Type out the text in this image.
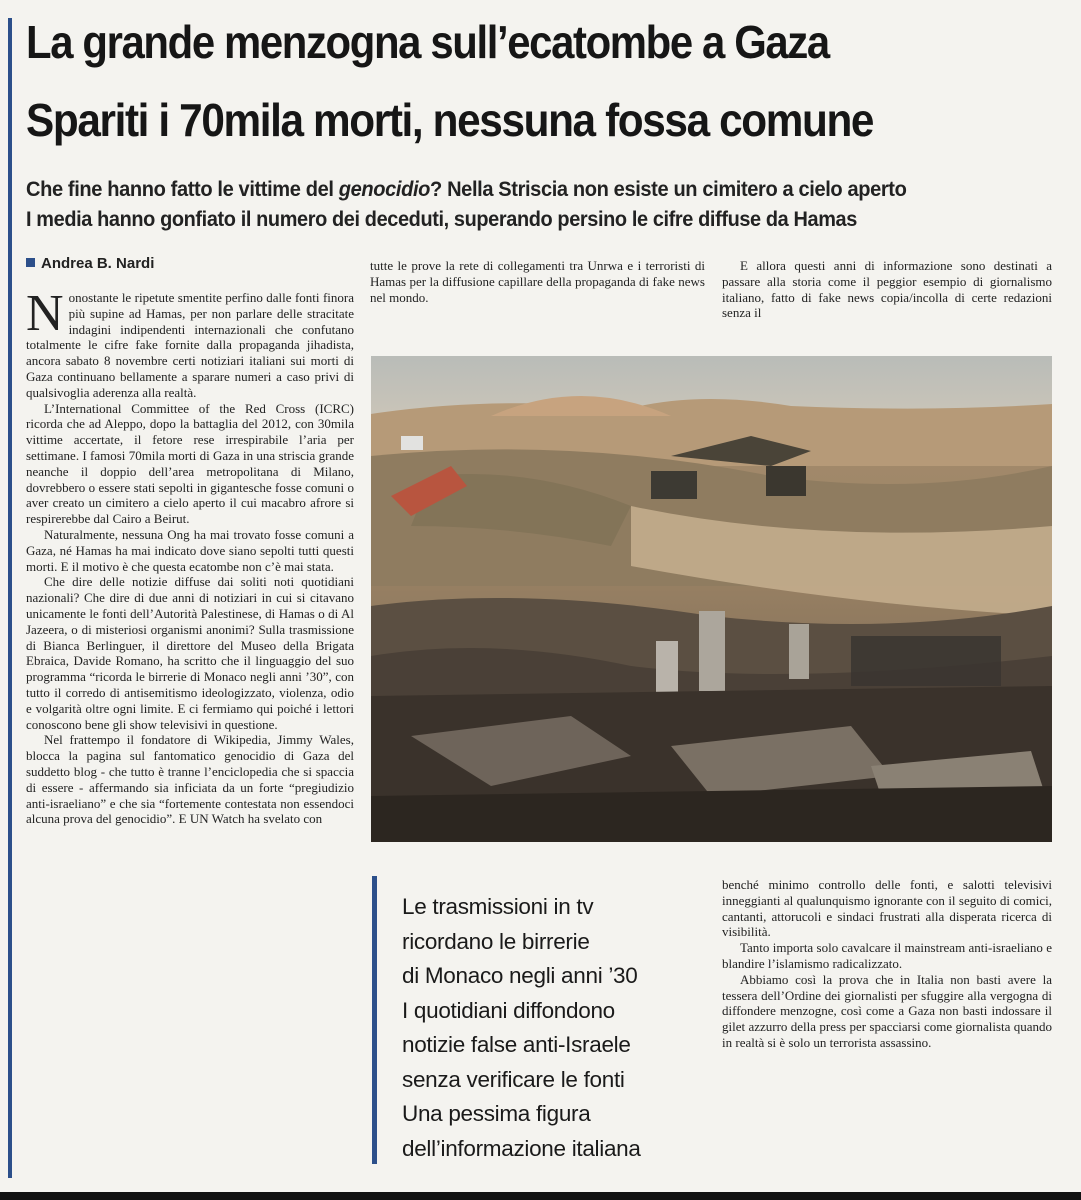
La grande menzogna sull’ecatombe a Gaza
Spariti i 70mila morti, nessuna fossa comune
Che fine hanno fatto le vittime del genocidio? Nella Striscia non esiste un cimitero a cielo aperto
I media hanno gonfiato il numero dei deceduti, superando persino le cifre diffuse da Hamas
Andrea B. Nardi

Nonostante le ripetute smentite perfino dalle fonti finora più supine ad Hamas, per non parlare delle stracitate indagini indipendenti internazionali che confutano totalmente le cifre fake fornite dalla propaganda jihadista, ancora sabato 8 novembre certi notiziari italiani sui morti di Gaza continuano bellamente a sparare numeri a caso privi di qualsivoglia aderenza alla realtà.

L’International Committee of the Red Cross (ICRC) ricorda che ad Aleppo, dopo la battaglia del 2012, con 30mila vittime accertate, il fetore rese irrespirabile l’aria per settimane. I famosi 70mila morti di Gaza in una striscia grande neanche il doppio dell’area metropolitana di Milano, dovrebbero o essere stati sepolti in gigantesche fosse comuni o aver creato un cimitero a cielo aperto il cui macabro afrore si respirerebbe dal Cairo a Beirut.

Naturalmente, nessuna Ong ha mai trovato fosse comuni a Gaza, né Hamas ha mai indicato dove siano sepolti tutti questi morti. E il motivo è che questa ecatombe non c’è mai stata.

Che dire delle notizie diffuse dai soliti noti quotidiani nazionali? Che dire di due anni di notiziari in cui si citavano unicamente le fonti dell’Autorità Palestinese, di Hamas o di Al Jazeera, o di misteriosi organismi anonimi? Sulla trasmissione di Bianca Berlinguer, il direttore del Museo della Brigata Ebraica, Davide Romano, ha scritto che il linguaggio del suo programma “ricorda le birrerie di Monaco negli anni ’30”, con tutto il corredo di antisemitismo ideologizzato, violenza, odio e volgarità oltre ogni limite. E ci fermiamo qui poiché i lettori conoscono bene gli show televisivi in questione.

Nel frattempo il fondatore di Wikipedia, Jimmy Wales, blocca la pagina sul fantomatico genocidio di Gaza del suddetto blog - che tutto è tranne l’enciclopedia che si spaccia di essere - affermando sia inficiata da un forte “pregiudizio anti-israeliano” e che sia “fortemente contestata non essendoci alcuna prova del genocidio”. E UN Watch ha svelato con

tutte le prove la rete di collegamenti tra Unrwa e i terroristi di Hamas per la diffusione capillare della propaganda di fake news nel mondo.

E allora questi anni di informazione sono destinati a passare alla storia come il peggior esempio di giornalismo italiano, fatto di fake news copia/incolla di certe redazioni senza il

Le trasmissioni in tv
ricordano le birrerie
di Monaco negli anni ’30
I quotidiani diffondono
notizie false anti-Israele
senza verificare le fonti
Una pessima figura
dell’informazione italiana

benché minimo controllo delle fonti, e salotti televisivi inneggianti al qualunquismo ignorante con il seguito di comici, cantanti, attorucoli e sindaci frustrati alla disperata ricerca di visibilità.

Tanto importa solo cavalcare il mainstream anti-israeliano e blandire l’islamismo radicalizzato.

Abbiamo così la prova che in Italia non basti avere la tessera dell’Ordine dei giornalisti per sfuggire alla vergogna di diffondere menzogne, così come a Gaza non basti indossare il gilet azzurro della press per spacciarsi come giornalista quando in realtà si è solo un terrorista assassino.
